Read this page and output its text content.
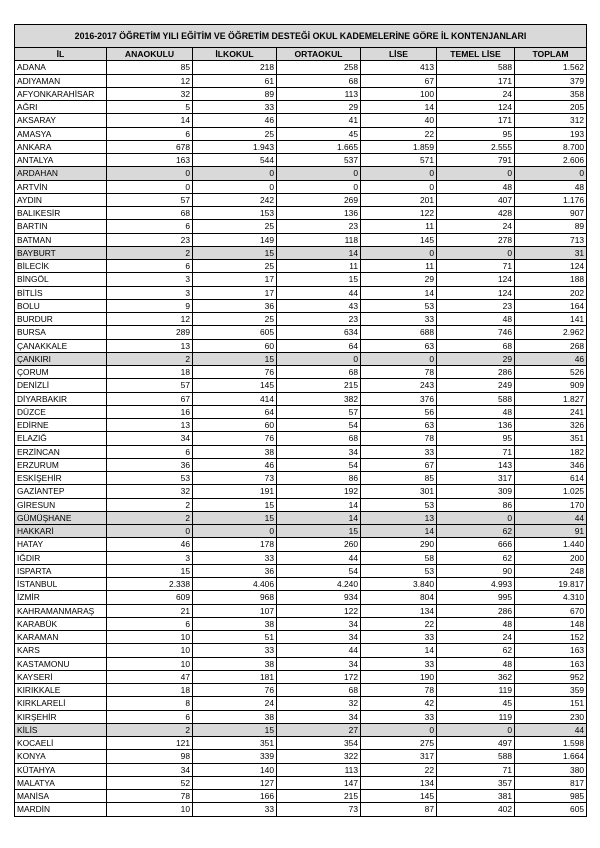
2016-2017 ÖĞRETİM YILI EĞİTİM VE ÖĞRETİM DESTEĞİ OKUL KADEMELERİNE GÖRE İL KONTENJANLARI						
İL	ANAOKULU	İLKOKUL	ORTAOKUL	LİSE	TEMEL LİSE	TOPLAM
ADANA	85	218	258	413	588	1.562
ADIYAMAN	12	61	68	67	171	379
AFYONKARAHİSAR	32	89	113	100	24	358
AĞRI	5	33	29	14	124	205
AKSARAY	14	46	41	40	171	312
AMASYA	6	25	45	22	95	193
ANKARA	678	1.943	1.665	1.859	2.555	8.700
ANTALYA	163	544	537	571	791	2.606
ARDAHAN	0	0	0	0	0	0
ARTVİN	0	0	0	0	48	48
AYDIN	57	242	269	201	407	1.176
BALIKESİR	68	153	136	122	428	907
BARTIN	6	25	23	11	24	89
BATMAN	23	149	118	145	278	713
BAYBURT	2	15	14	0	0	31
BİLECİK	6	25	11	11	71	124
BİNGÖL	3	17	15	29	124	188
BİTLİS	3	17	44	14	124	202
BOLU	9	36	43	53	23	164
BURDUR	12	25	23	33	48	141
BURSA	289	605	634	688	746	2.962
ÇANAKKALE	13	60	64	63	68	268
ÇANKIRI	2	15	0	0	29	46
ÇORUM	18	76	68	78	286	526
DENİZLİ	57	145	215	243	249	909
DİYARBAKIR	67	414	382	376	588	1.827
DÜZCE	16	64	57	56	48	241
EDİRNE	13	60	54	63	136	326
ELAZIĞ	34	76	68	78	95	351
ERZİNCAN	6	38	34	33	71	182
ERZURUM	36	46	54	67	143	346
ESKİŞEHİR	53	73	86	85	317	614
GAZİANTEP	32	191	192	301	309	1.025
GİRESUN	2	15	14	53	86	170
GÜMÜŞHANE	2	15	14	13	0	44
HAKKARİ	0	0	15	14	62	91
HATAY	46	178	260	290	666	1.440
IĞDIR	3	33	44	58	62	200
ISPARTA	15	36	54	53	90	248
İSTANBUL	2.338	4.406	4.240	3.840	4.993	19.817
İZMİR	609	968	934	804	995	4.310
KAHRAMANMARAŞ	21	107	122	134	286	670
KARABÜK	6	38	34	22	48	148
KARAMAN	10	51	34	33	24	152
KARS	10	33	44	14	62	163
KASTAMONU	10	38	34	33	48	163
KAYSERİ	47	181	172	190	362	952
KIRIKKALE	18	76	68	78	119	359
KIRKLARELİ	8	24	32	42	45	151
KIRŞEHİR	6	38	34	33	119	230
KİLİS	2	15	27	0	0	44
KOCAELİ	121	351	354	275	497	1.598
KONYA	98	339	322	317	588	1.664
KÜTAHYA	34	140	113	22	71	380
MALATYA	52	127	147	134	357	817
MANİSA	78	166	215	145	381	985
MARDİN	10	33	73	87	402	605
